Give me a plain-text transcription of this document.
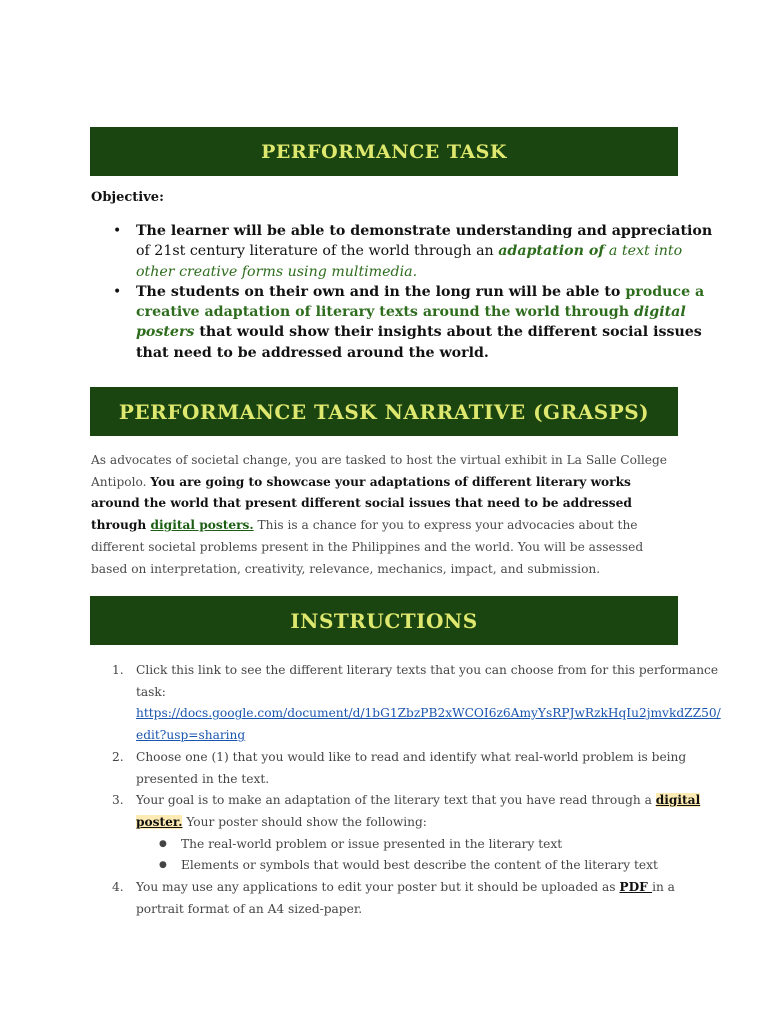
PERFORMANCE TASK
Objective:
• The learner will be able to demonstrate understanding and appreciation of 21st century literature of the world through an adaptation of a text into other creative forms using multimedia.
• The students on their own and in the long run will be able to produce a creative adaptation of literary texts around the world through digital posters that would show their insights about the different social issues that need to be addressed around the world.
PERFORMANCE TASK NARRATIVE (GRASPS)
As advocates of societal change, you are tasked to host the virtual exhibit in La Salle College Antipolo. You are going to showcase your adaptations of different literary works around the world that present different social issues that need to be addressed through digital posters. This is a chance for you to express your advocacies about the different societal problems present in the Philippines and the world. You will be assessed based on interpretation, creativity, relevance, mechanics, impact, and submission.
INSTRUCTIONS
1. Click this link to see the different literary texts that you can choose from for this performance task:
https://docs.google.com/document/d/1bG1ZbzPB2xWCOI6z6AmyYsRPJwRzkHqIu2jmvkdZZ50/edit?usp=sharing
2. Choose one (1) that you would like to read and identify what real-world problem is being presented in the text.
3. Your goal is to make an adaptation of the literary text that you have read through a digital poster. Your poster should show the following:
● The real-world problem or issue presented in the literary text
● Elements or symbols that would best describe the content of the literary text
4. You may use any applications to edit your poster but it should be uploaded as PDF in a portrait format of an A4 sized-paper.
